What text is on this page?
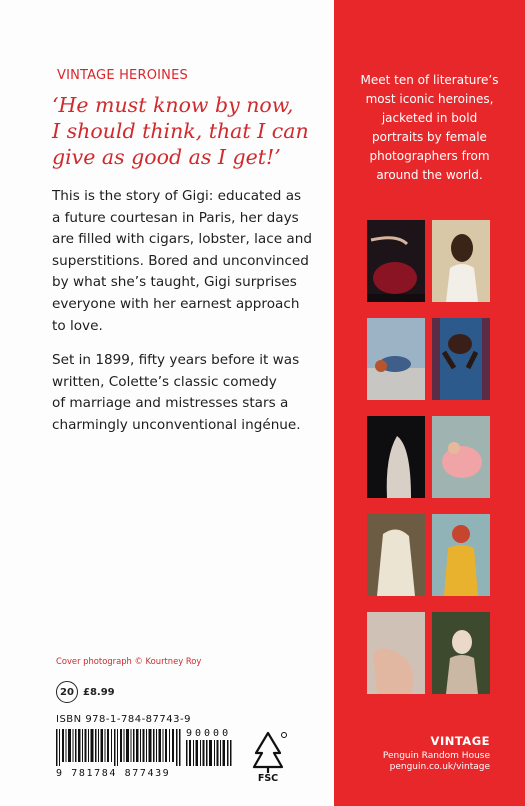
VINTAGE HEROINES
‘He must know by now,
I should think, that I can
give as good as I get!’
This is the story of Gigi: educated as
a future courtesan in Paris, her days
are filled with cigars, lobster, lace and
superstitions. Bored and unconvinced
by what she’s taught, Gigi surprises
everyone with her earnest approach
to love.
Set in 1899, fifty years before it was
written, Colette’s classic comedy
of marriage and mistresses stars a
charmingly unconventional ingénue.
Cover photograph © Kourtney Roy
20 £8.99
ISBN 978-1-784-87743-9
90000
9 781784 877439	FSC
Meet ten of literature’s
most iconic heroines,
jacketed in bold
portraits by female
photographers from
around the world.
VINTAGE
Penguin Random House
penguin.co.uk/vintage
